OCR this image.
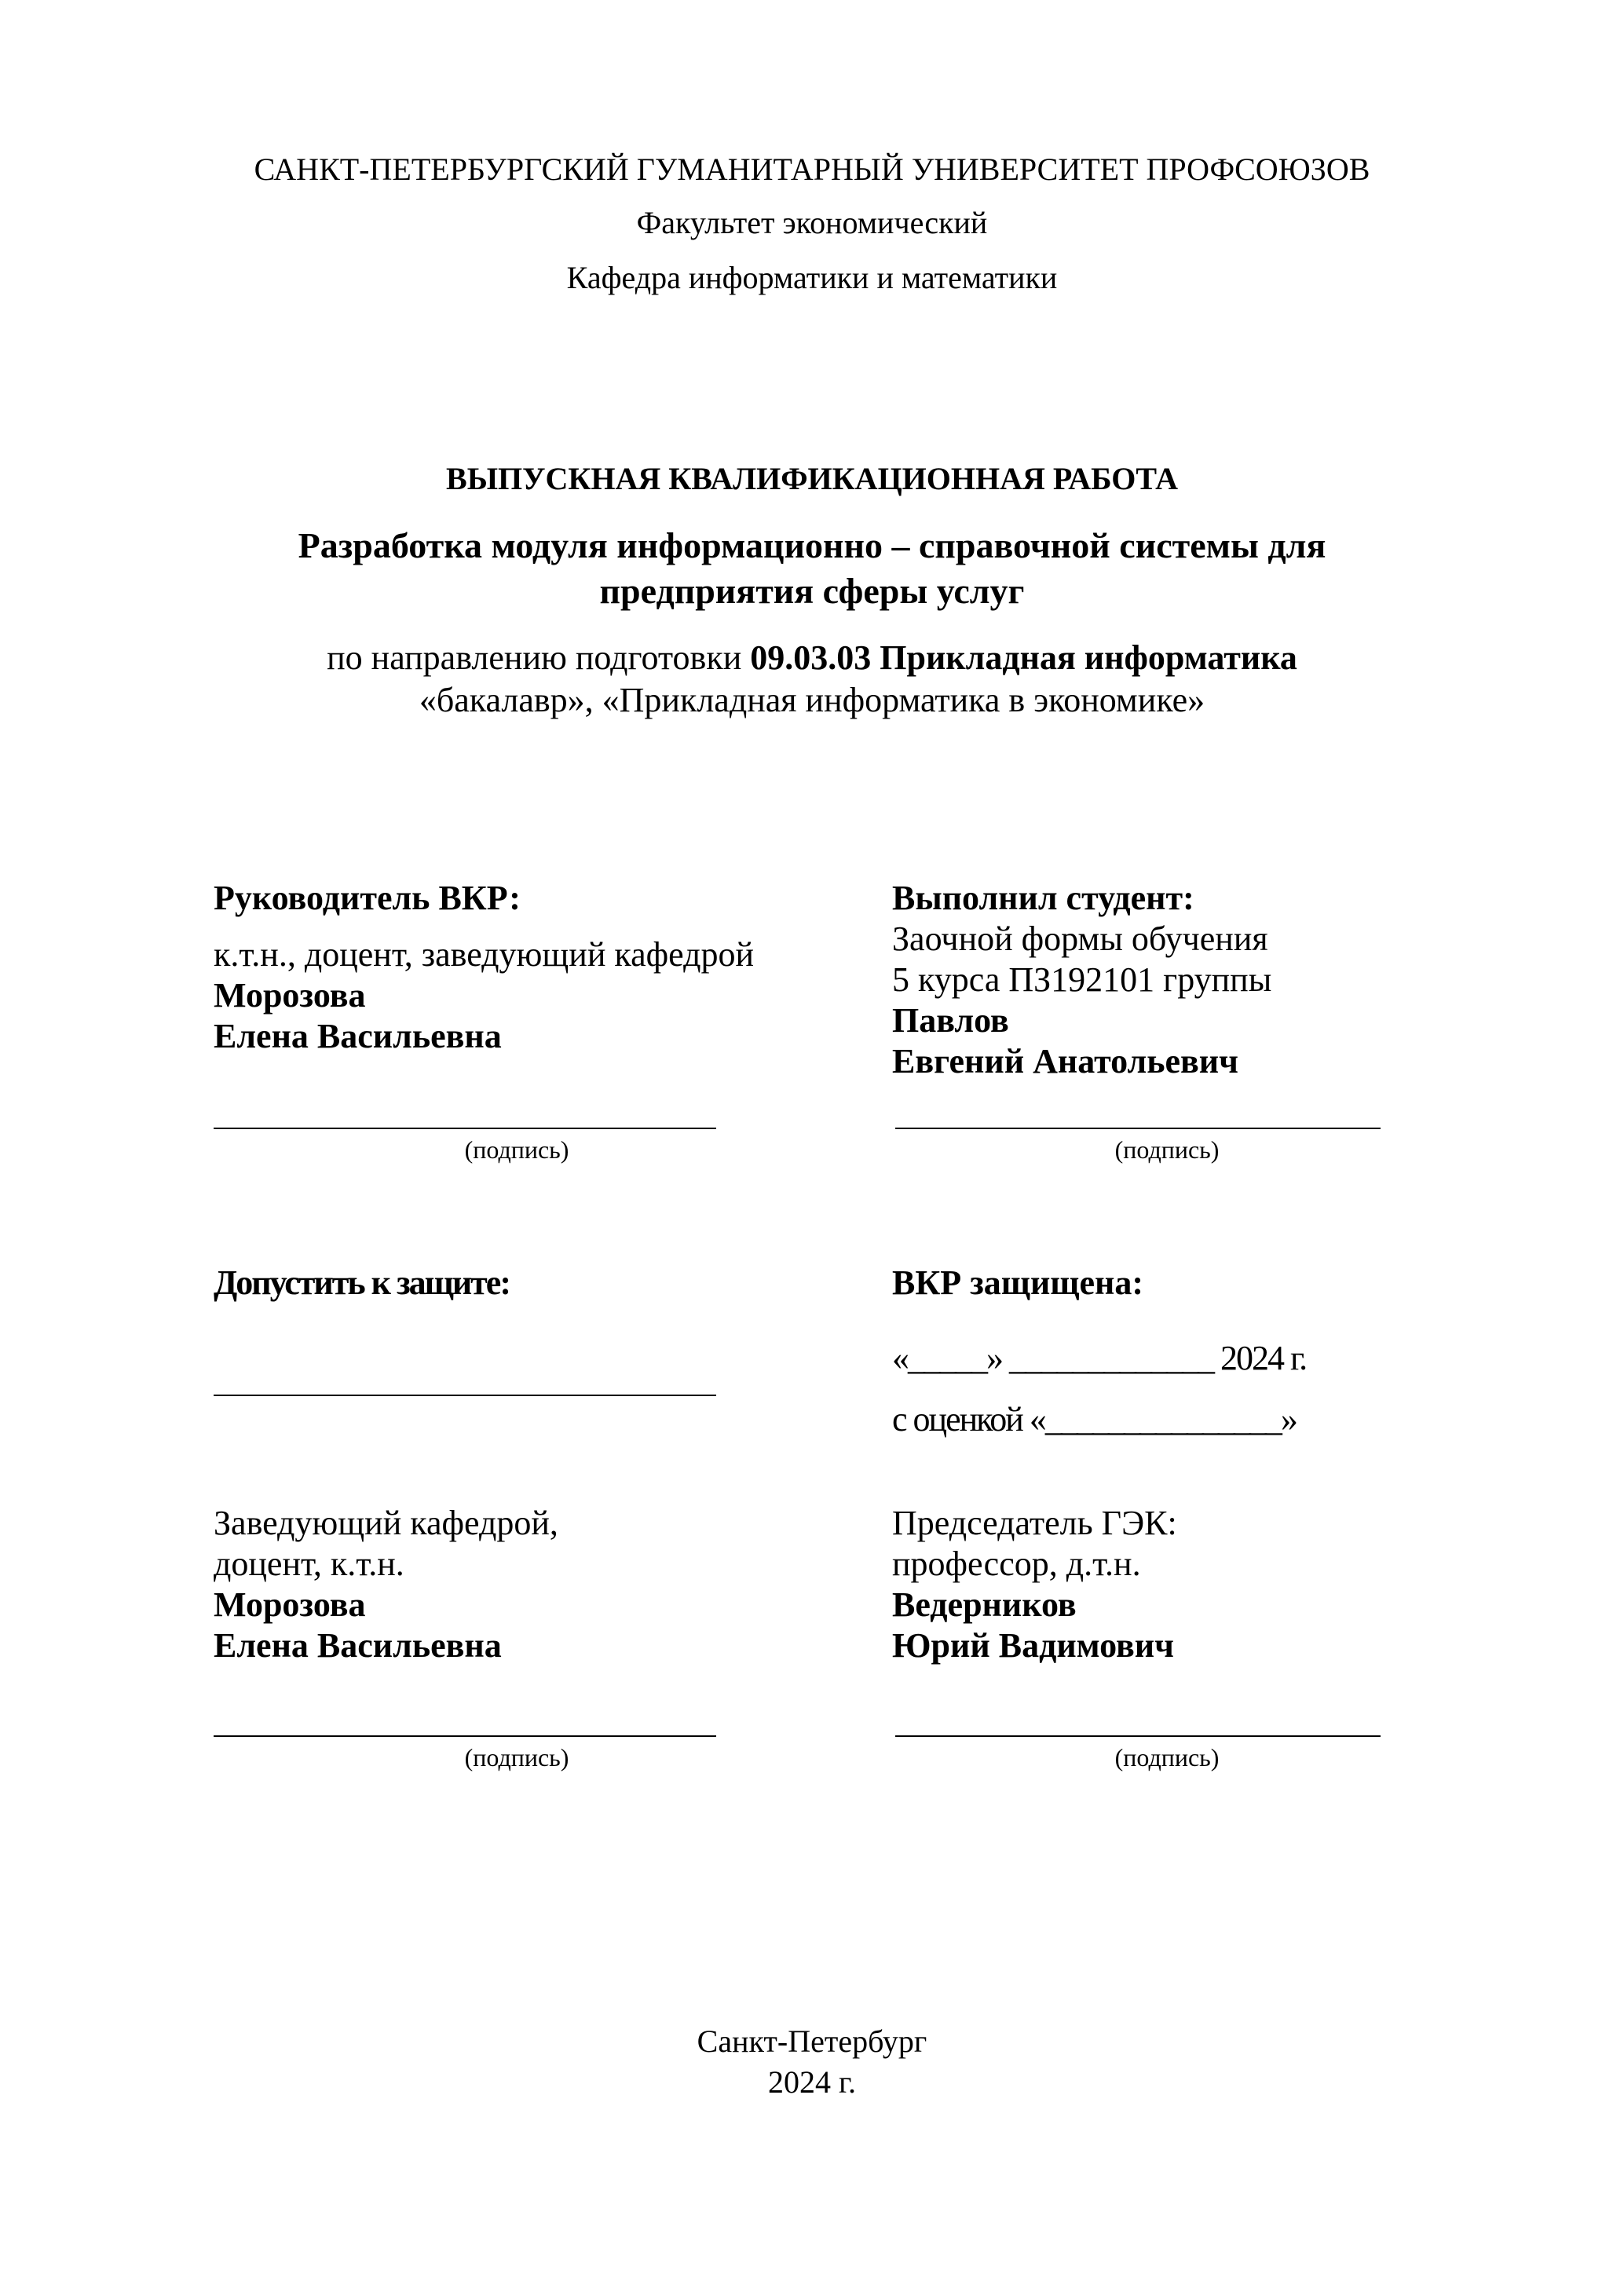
САНКТ-ПЕТЕРБУРГСКИЙ ГУМАНИТАРНЫЙ УНИВЕРСИТЕТ ПРОФСОЮЗОВ
Факультет экономический
Кафедра информатики и математики
ВЫПУСКНАЯ КВАЛИФИКАЦИОННАЯ РАБОТА
Разработка модуля информационно – справочной системы для
предприятия сферы услуг
по направлению подготовки 09.03.03 Прикладная информатика
«бакалавр», «Прикладная информатика в экономике»
Руководитель ВКР:
к.т.н., доцент, заведующий кафедрой
Морозова
Елена Васильевна
(подпись)
Выполнил студент:
Заочной формы обучения
5 курса ПЗ192101 группы
Павлов
Евгений Анатольевич
(подпись)
Допустить к защите:	ВКР защищена:
«_____» _____________ 2024 г.
с оценкой «_______________»
Заведующий кафедрой,
доцент, к.т.н.
Морозова
Елена Васильевна
(подпись)
Председатель ГЭК:
профессор, д.т.н.
Ведерников
Юрий Вадимович
(подпись)
Санкт-Петербург
2024 г.
